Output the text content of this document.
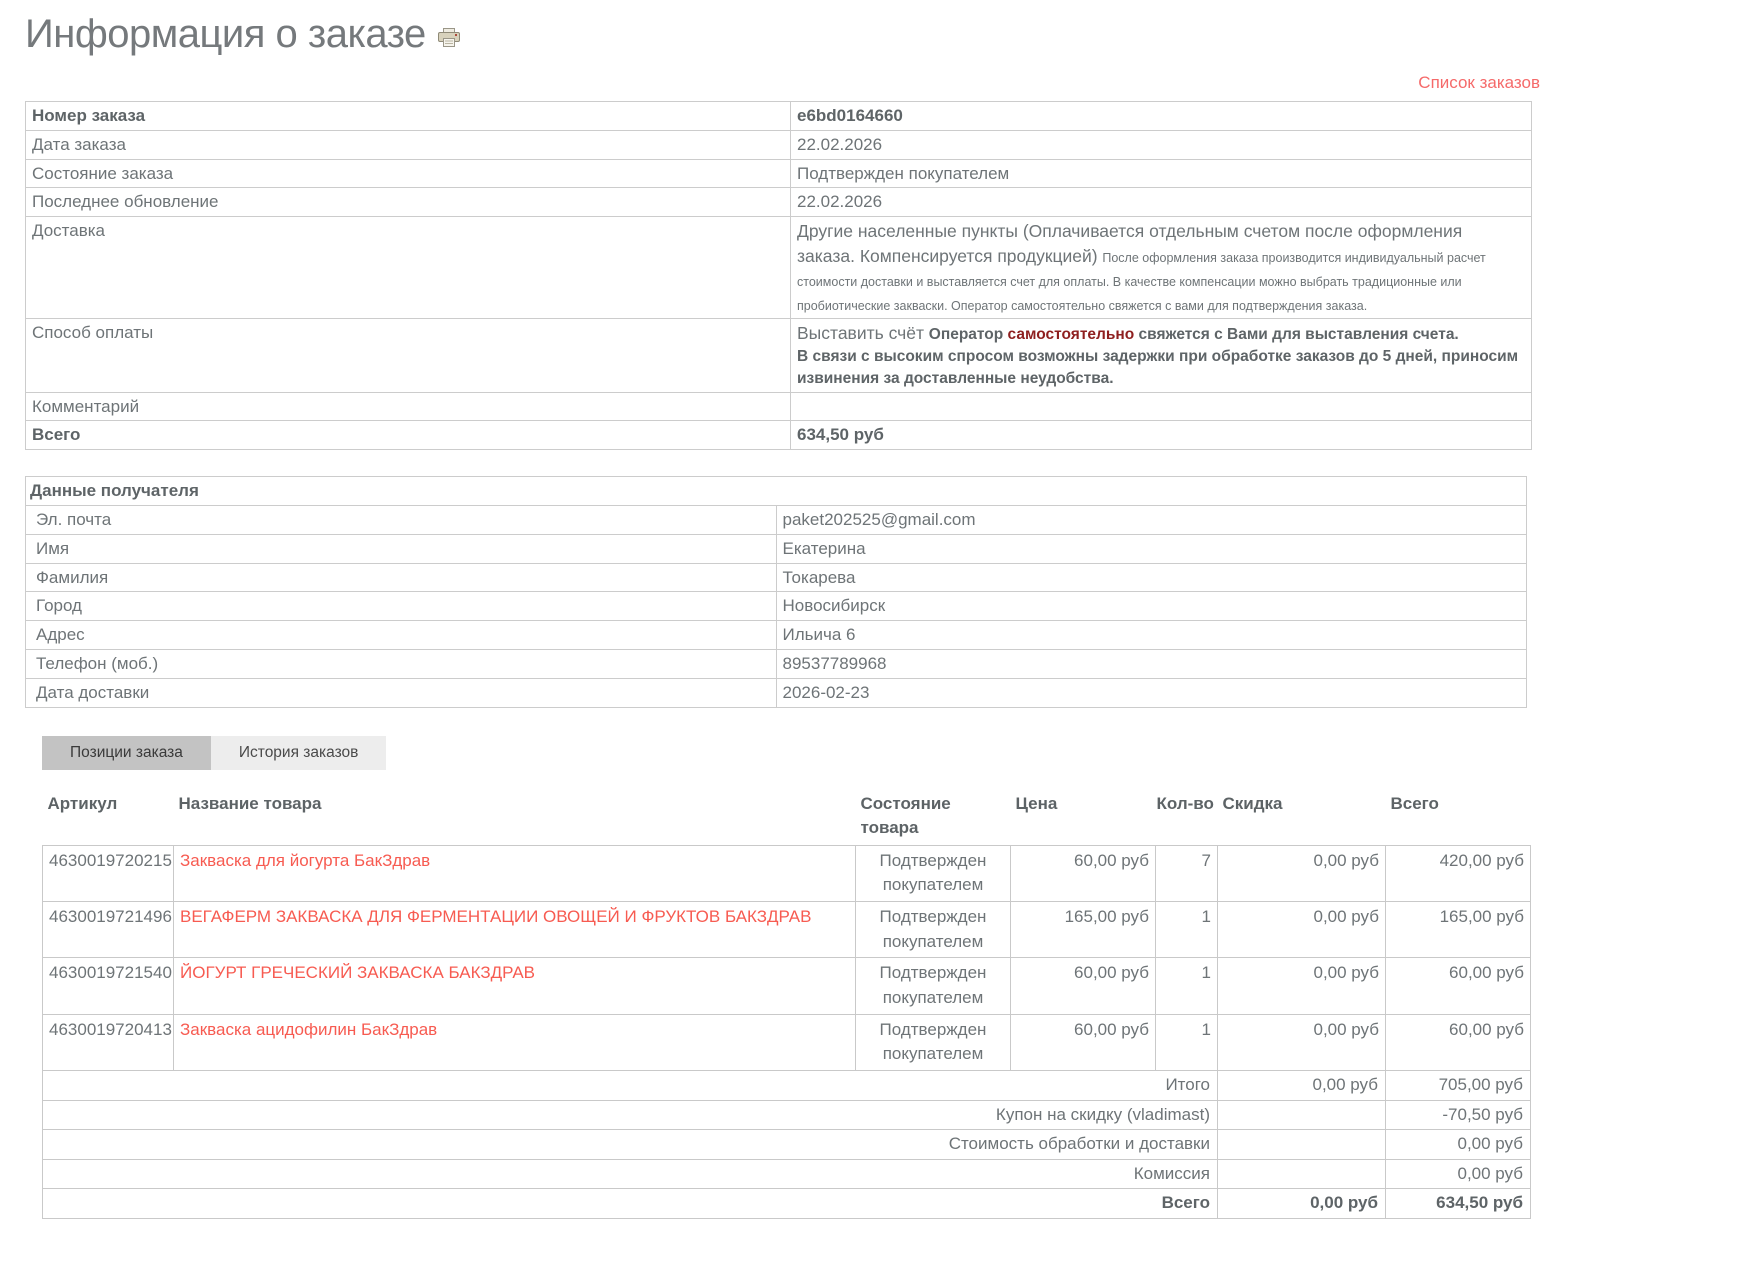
Информация о заказе
Список заказов
Номер заказа	e6bd0164660
Дата заказа	22.02.2026
Состояние заказа	Подтвержден покупателем
Последнее обновление	22.02.2026
Доставка	Другие населенные пункты (Оплачивается отдельным счетом после оформления заказа. Компенсируется продукцией) После оформления заказа производится индивидуальный расчет стоимости доставки и выставляется счет для оплаты. В качестве компенсации можно выбрать традиционные или пробиотические закваски. Оператор самостоятельно свяжется с вами для подтверждения заказа.
Способ оплаты	Выставить счёт Оператор самостоятельно свяжется с Вами для выставления счета.
В связи с высоким спросом возможны задержки при обработке заказов до 5 дней, приносим извинения за доставленные неудобства.

Комментарий	
Всего	634,50 руб
Данные получателя	
Эл. почта	paket202525@gmail.com
Имя	Екатерина
Фамилия	Токарева
Город	Новосибирск
Адрес	Ильича 6
Телефон (моб.)	89537789968
Дата доставки	2026-02-23
Позиции заказа	История заказов
Артикул	Название товара	Состояние товара	Цена	Кол-во	Скидка	Всего
4630019720215	Закваска для йогурта БакЗдрав	Подтвержден покупателем	60,00 руб	7	0,00 руб	420,00 руб
4630019721496	ВЕГАФЕРМ ЗАКВАСКА ДЛЯ ФЕРМЕНТАЦИИ ОВОЩЕЙ И ФРУКТОВ БАКЗДРАВ	Подтвержден покупателем	165,00 руб	1	0,00 руб	165,00 руб
4630019721540	ЙОГУРТ ГРЕЧЕСКИЙ ЗАКВАСКА БАКЗДРАВ	Подтвержден покупателем	60,00 руб	1	0,00 руб	60,00 руб
4630019720413	Закваска ацидофилин БакЗдрав	Подтвержден покупателем	60,00 руб	1	0,00 руб	60,00 руб
Итого					0,00 руб	705,00 руб
Купон на скидку (vladimast)						-70,50 руб
Стоимость обработки и доставки						0,00 руб
Комиссия						0,00 руб
Всего					0,00 руб	634,50 руб
